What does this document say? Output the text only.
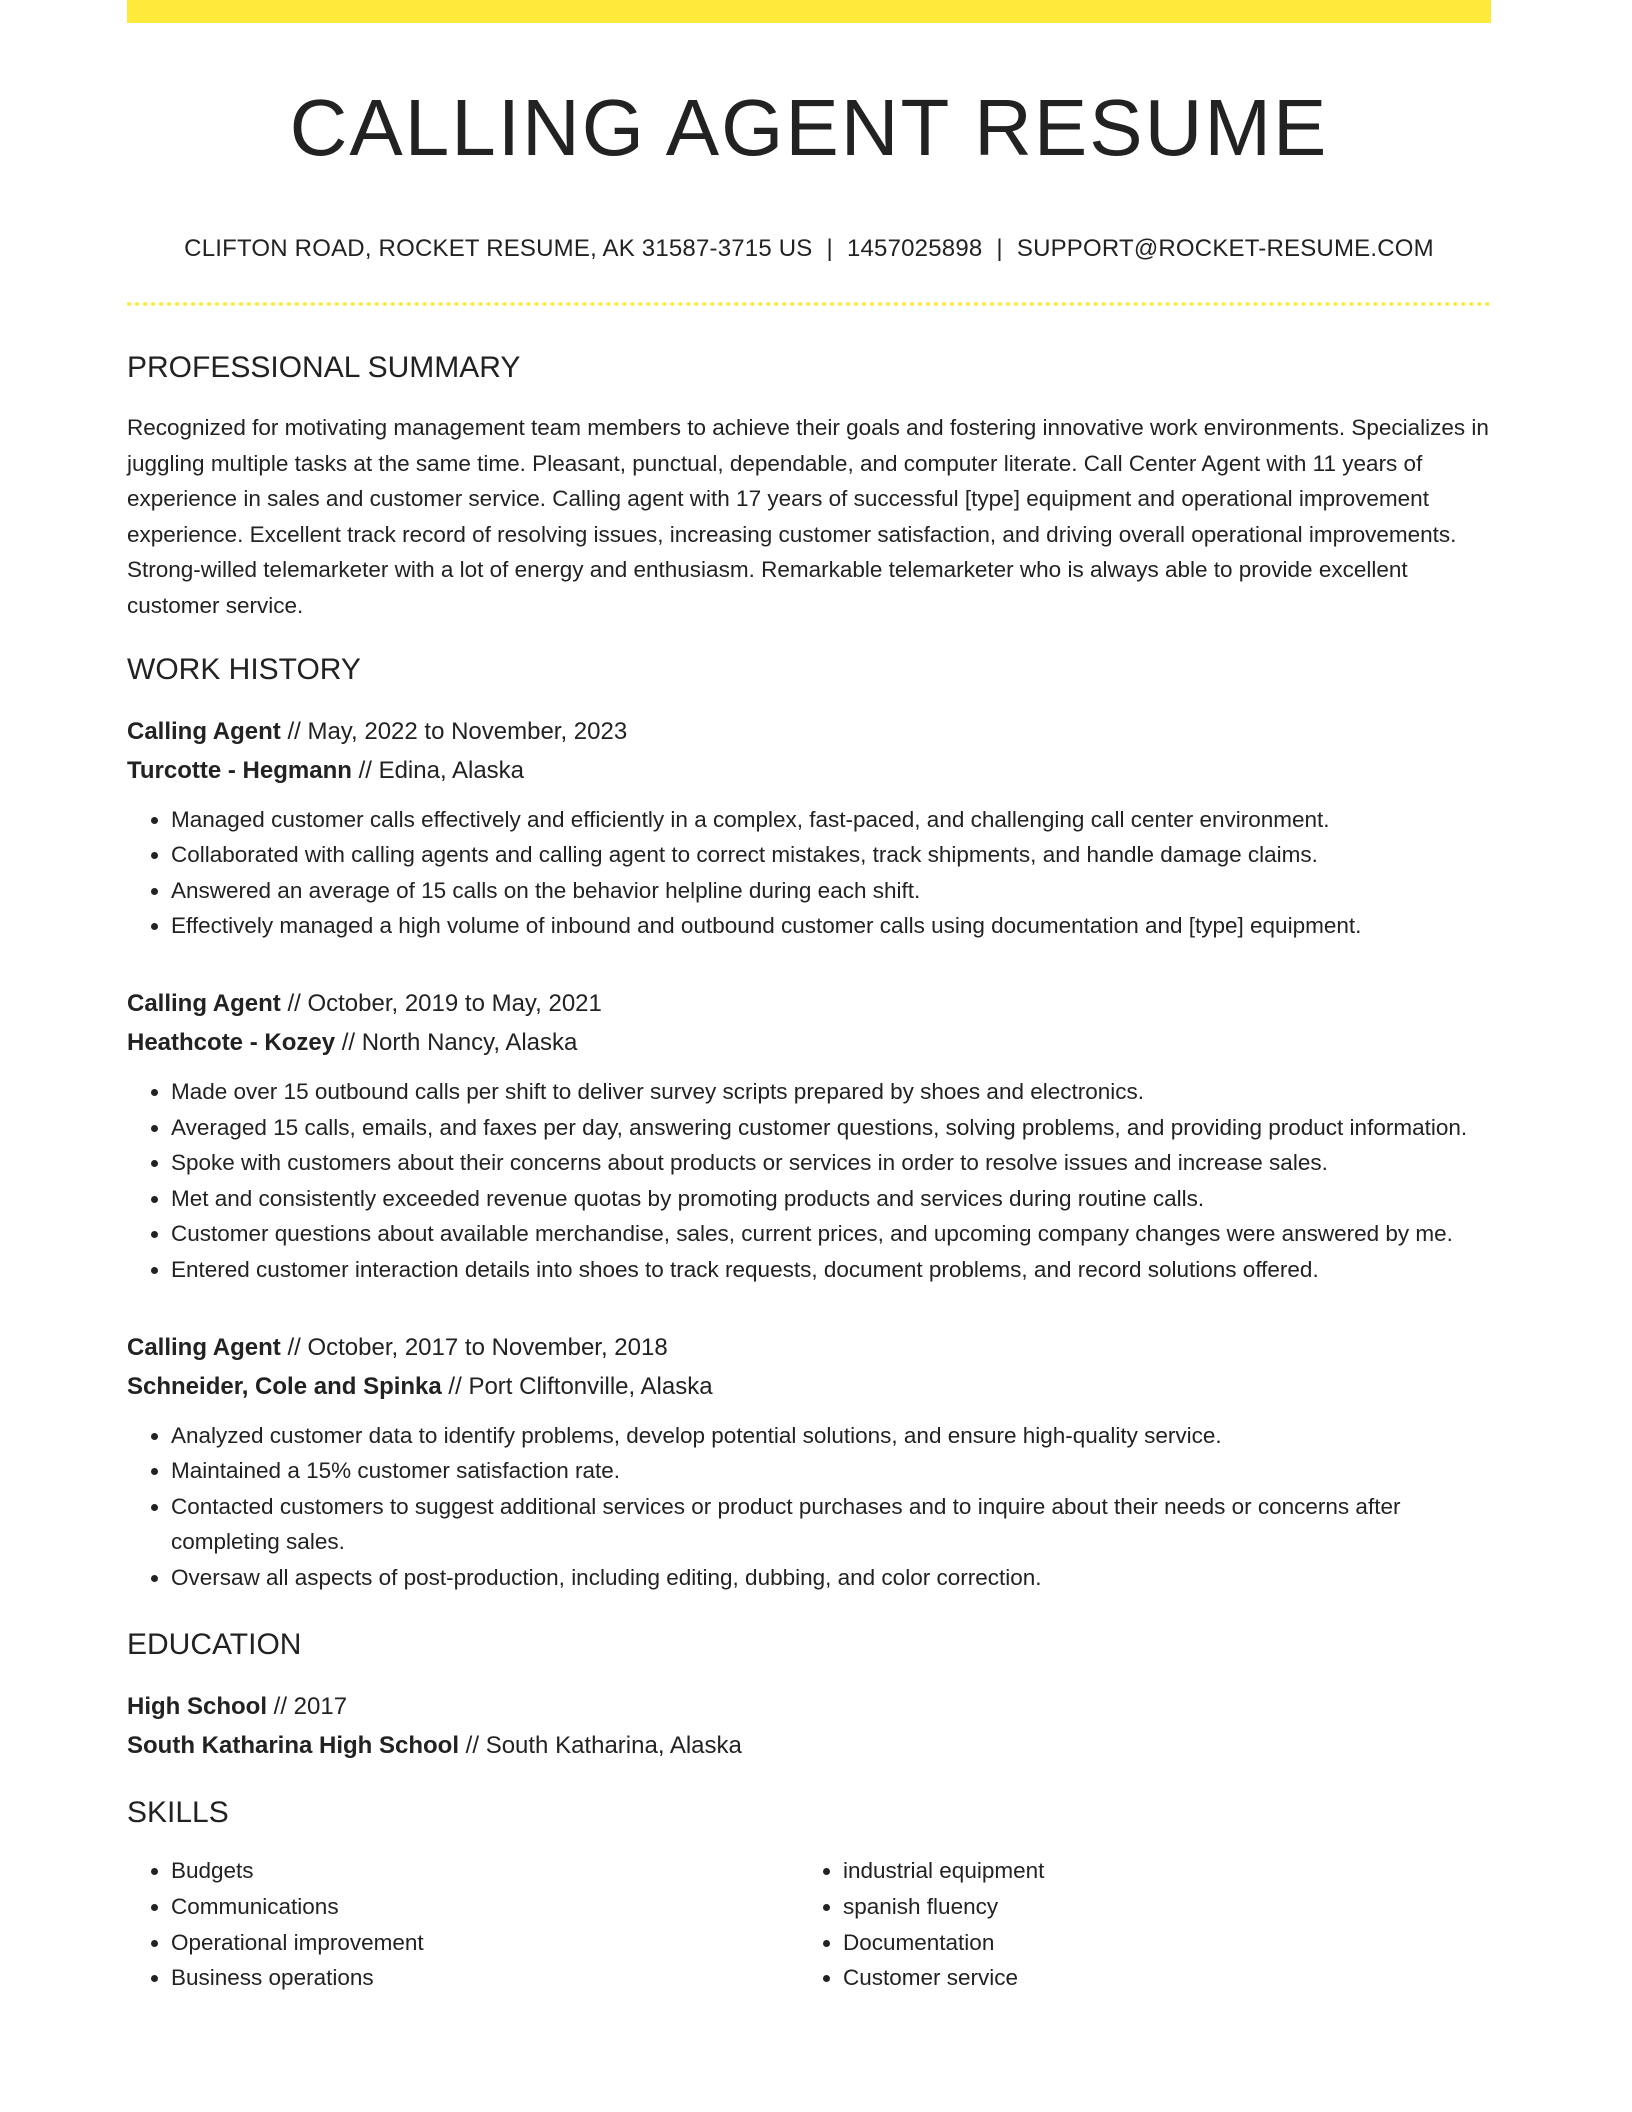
CALLING AGENT RESUME
CLIFTON ROAD, ROCKET RESUME, AK 31587-3715 US | 1457025898 | SUPPORT@ROCKET-RESUME.COM
PROFESSIONAL SUMMARY
Recognized for motivating management team members to achieve their goals and fostering innovative work environments. Specializes in juggling multiple tasks at the same time. Pleasant, punctual, dependable, and computer literate. Call Center Agent with 11 years of experience in sales and customer service. Calling agent with 17 years of successful [type] equipment and operational improvement experience. Excellent track record of resolving issues, increasing customer satisfaction, and driving overall operational improvements. Strong-willed telemarketer with a lot of energy and enthusiasm. Remarkable telemarketer who is always able to provide excellent customer service.
WORK HISTORY
Calling Agent // May, 2022 to November, 2023
Turcotte - Hegmann // Edina, Alaska
• Managed customer calls effectively and efficiently in a complex, fast-paced, and challenging call center environment.
• Collaborated with calling agents and calling agent to correct mistakes, track shipments, and handle damage claims.
• Answered an average of 15 calls on the behavior helpline during each shift.
• Effectively managed a high volume of inbound and outbound customer calls using documentation and [type] equipment.
Calling Agent // October, 2019 to May, 2021
Heathcote - Kozey // North Nancy, Alaska
• Made over 15 outbound calls per shift to deliver survey scripts prepared by shoes and electronics.
• Averaged 15 calls, emails, and faxes per day, answering customer questions, solving problems, and providing product information.
• Spoke with customers about their concerns about products or services in order to resolve issues and increase sales.
• Met and consistently exceeded revenue quotas by promoting products and services during routine calls.
• Customer questions about available merchandise, sales, current prices, and upcoming company changes were answered by me.
• Entered customer interaction details into shoes to track requests, document problems, and record solutions offered.
Calling Agent // October, 2017 to November, 2018
Schneider, Cole and Spinka // Port Cliftonville, Alaska
• Analyzed customer data to identify problems, develop potential solutions, and ensure high-quality service.
• Maintained a 15% customer satisfaction rate.
• Contacted customers to suggest additional services or product purchases and to inquire about their needs or concerns after completing sales.
• Oversaw all aspects of post-production, including editing, dubbing, and color correction.
EDUCATION
High School // 2017
South Katharina High School // South Katharina, Alaska
SKILLS
• Budgets
• Communications
• Operational improvement
• Business operations
• industrial equipment
• spanish fluency
• Documentation
• Customer service
